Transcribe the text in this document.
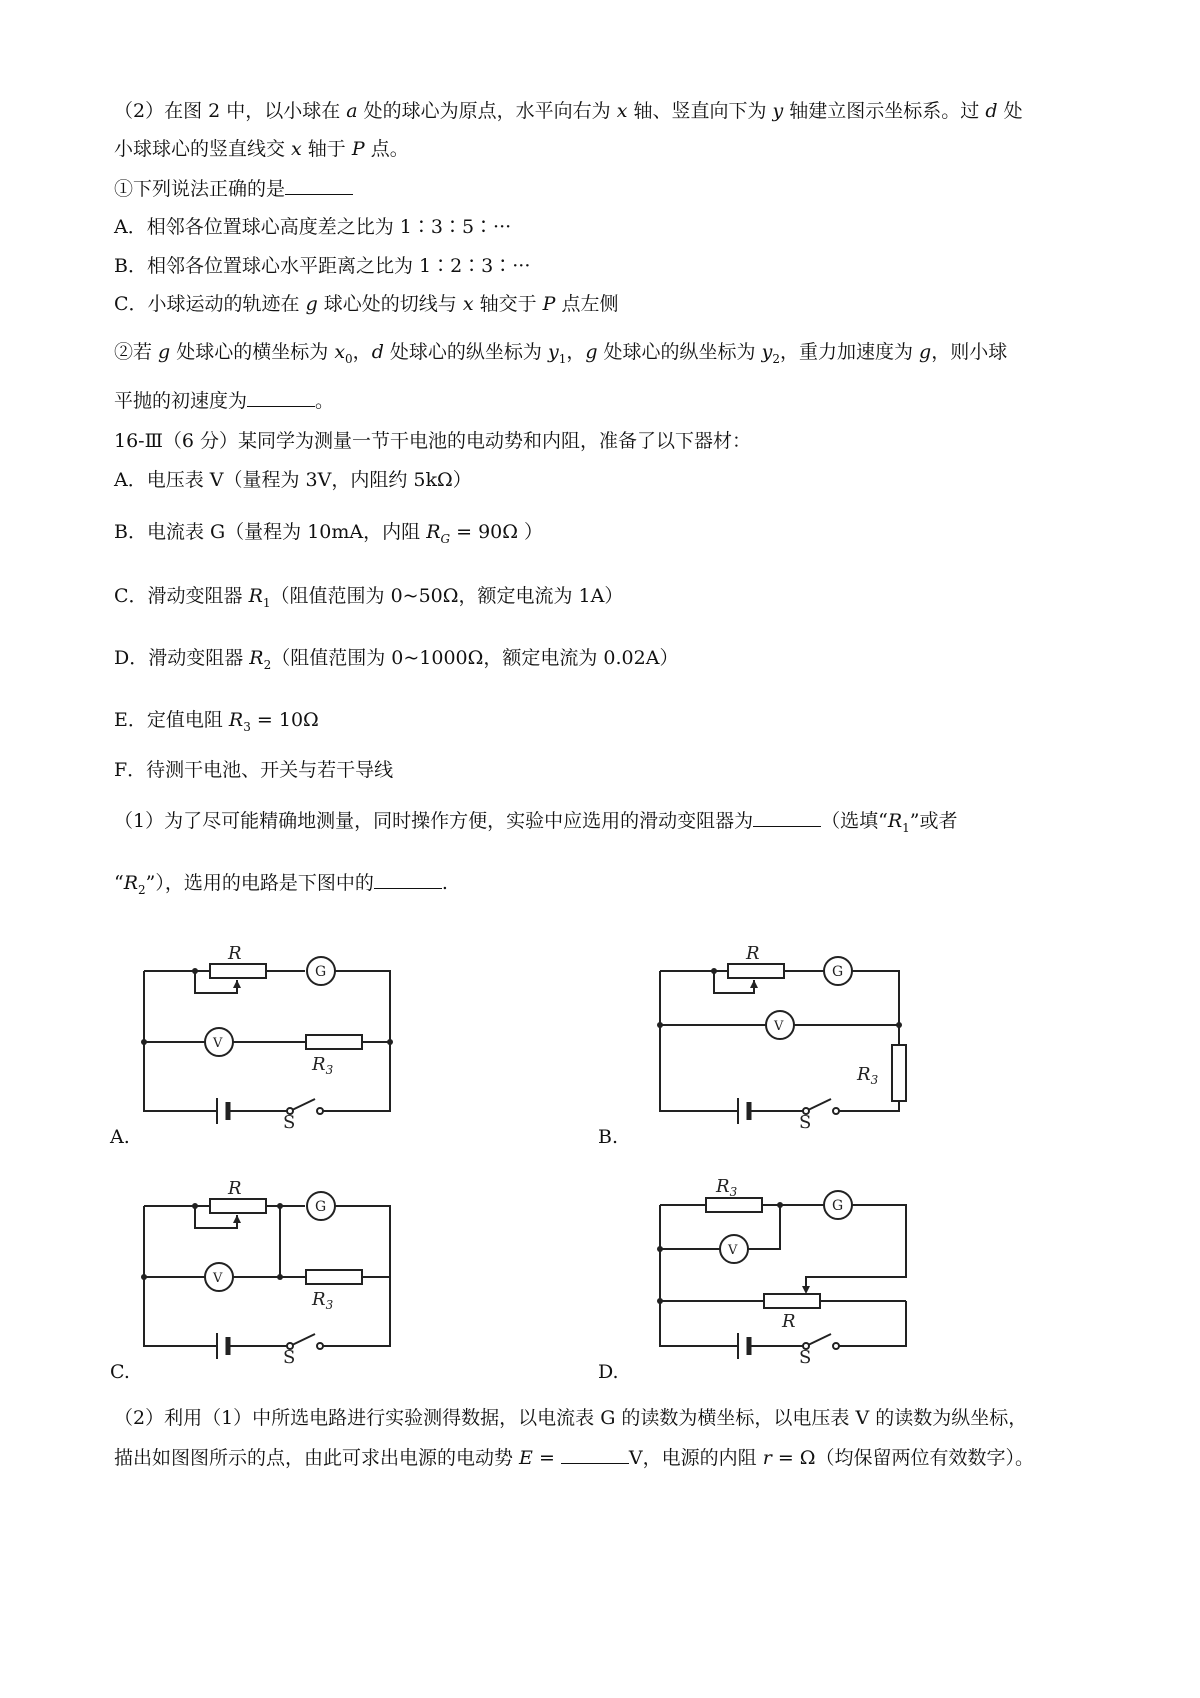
（2）在图 2 中，以小球在 a 处的球心为原点，水平向右为 x 轴、竖直向下为 y 轴建立图示坐标系。过 d 处
小球球心的竖直线交 x 轴于 P 点。
①下列说法正确的是
A．相邻各位置球心高度差之比为 1∶3∶5∶···
B．相邻各位置球心水平距离之比为 1∶2∶3∶···
C．小球运动的轨迹在 g 球心处的切线与 x 轴交于 P 点左侧
②若 g 处球心的横坐标为 $x_0$，d 处球心的纵坐标为 $y_1$，g 处球心的纵坐标为 $y_2$，重力加速度为 g，则小球
平抛的初速度为	。
16-Ⅲ（6 分）某同学为测量一节干电池的电动势和内阻，准备了以下器材：
A．电压表 V（量程为 3V，内阻约 5kΩ）
B．电流表 G（量程为 10mA，内阻 $R_G = 90\Omega$ ）
C．滑动变阻器 $R_1$（阻值范围为 0~50Ω，额定电流为 1A）
D．滑动变阻器 $R_2$（阻值范围为 0~1000Ω，额定电流为 0.02A）
E．定值电阻 $R_3 = 10\Omega$
F．待测干电池、开关与若干导线
（1）为了尽可能精确地测量，同时操作方便，实验中应选用的滑动变阻器为	（选填“$R_1$”或者
“$R_2$”），选用的电路是下图中的	.
A.
R
G
V
$R_3$
S
B.
R
G
V
$R_3$
S
C.
R
G
V
$R_3$
S
D.
$R_3$
G
V
R
S
（2）利用（1）中所选电路进行实验测得数据，以电流表 G 的读数为横坐标，以电压表 V 的读数为纵坐标，
描出如图图所示的点，由此可求出电源的电动势 E =	V，电源的内阻 r = Ω（均保留两位有效数字）。
